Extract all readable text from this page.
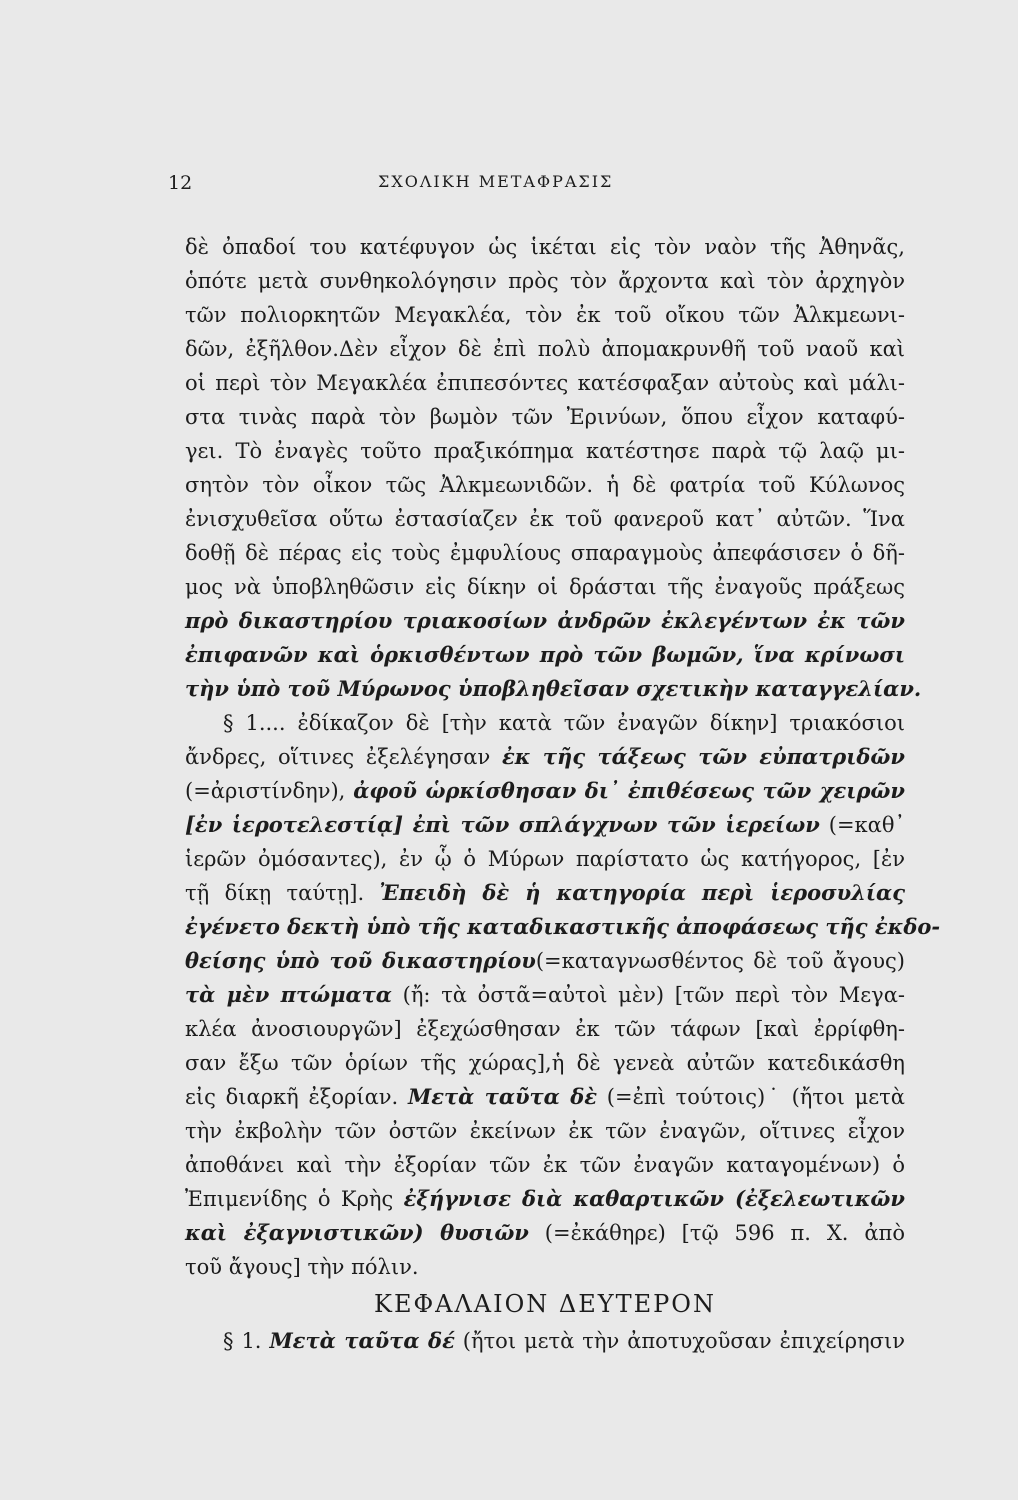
12	ΣΧΟΛΙΚΗ ΜΕΤΑΦΡΑΣΙΣ
δὲ ὀπαδοί του κατέφυγον ὡς ἱκέται εἰς τὸν ναὸν τῆς Ἀθηνᾶς,
ὁπότε μετὰ συνθηκολόγησιν πρὸς τὸν ἄρχοντα καὶ τὸν ἀρχηγὸν
τῶν πολιορκητῶν Μεγακλέα, τὸν ἐκ τοῦ οἴκου τῶν Ἀλκμεωνι-
δῶν, ἐξῆλθον.Δὲν εἶχον δὲ ἐπὶ πολὺ ἀπομακρυνθῆ τοῦ ναοῦ καὶ
οἱ περὶ τὸν Μεγακλέα ἐπιπεσόντες κατέσφαξαν αὐτοὺς καὶ μάλι-
στα τινὰς παρὰ τὸν βωμὸν τῶν Ἐρινύων, ὅπου εἶχον καταφύ-
γει. Τὸ ἐναγὲς τοῦτο πραξικόπημα κατέστησε παρὰ τῷ λαῷ μι-
σητὸν τὸν οἶκον τῶς Ἀλκμεωνιδῶν. ἡ δὲ φατρία τοῦ Κύλωνος
ἐνισχυθεῖσα οὕτω ἐστασίαζεν ἐκ τοῦ φανεροῦ κατ᾽ αὐτῶν. Ἵνα
δοθῇ δὲ πέρας εἰς τοὺς ἐμφυλίους σπαραγμοὺς ἀπεφάσισεν ὁ δῆ-
μος νὰ ὑποβληθῶσιν εἰς δίκην οἱ δράσται τῆς ἐναγοῦς πράξεως
πρὸ δικαστηρίου τριακοσίων ἀνδρῶν ἐκλεγέντων ἐκ τῶν
ἐπιφανῶν καὶ ὁρκισθέντων πρὸ τῶν βωμῶν, ἵνα κρίνωσι
τὴν ὑπὸ τοῦ Μύρωνος ὑποβληθεῖσαν σχετικὴν καταγγελίαν.
§ 1.... ἐδίκαζον δὲ [τὴν κατὰ τῶν ἐναγῶν δίκην] τριακόσιοι
ἄνδρες, οἵτινες ἐξελέγησαν ἐκ τῆς τάξεως τῶν εὐπατριδῶν
(=ἀριστίνδην), ἀφοῦ ὡρκίσθησαν δι᾽ ἐπιθέσεως τῶν χειρῶν
[ἐν ἱεροτελεστίᾳ] ἐπὶ τῶν σπλάγχνων τῶν ἱερείων (=καθ᾽
ἱερῶν ὀμόσαντες), ἐν ᾧ ὁ Μύρων παρίστατο ὡς κατήγορος, [ἐν
τῇ δίκῃ ταύτῃ]. Ἐπειδὴ δὲ ἡ κατηγορία περὶ ἱεροσυλίας
ἐγένετο δεκτὴ ὑπὸ τῆς καταδικαστικῆς ἀποφάσεως τῆς ἐκδο-
θείσης ὑπὸ τοῦ δικαστηρίου(=καταγνωσθέντος δὲ τοῦ ἄγους)
τὰ μὲν πτώματα (ἤ: τὰ ὀστᾶ=αὐτοὶ μὲν) [τῶν περὶ τὸν Μεγα-
κλέα ἀνοσιουργῶν] ἐξεχώσθησαν ἐκ τῶν τάφων [καὶ ἐρρίφθη-
σαν ἔξω τῶν ὁρίων τῆς χώρας],ἡ δὲ γενεὰ αὐτῶν κατεδικάσθη
εἰς διαρκῆ ἐξορίαν. Μετὰ ταῦτα δὲ (=ἐπὶ τούτοις)˙ (ἤτοι μετὰ
τὴν ἐκβολὴν τῶν ὀστῶν ἐκείνων ἐκ τῶν ἐναγῶν, οἵτινες εἶχον
ἀποθάνει καὶ τὴν ἐξορίαν τῶν ἐκ τῶν ἐναγῶν καταγομένων) ὁ
Ἐπιμενίδης ὁ Κρὴς ἐξήγνισε διὰ καθαρτικῶν (ἐξελεωτικῶν
καὶ ἐξαγνιστικῶν) θυσιῶν (=ἐκάθηρε) [τῷ 596 π. Χ. ἀπὸ
τοῦ ἄγους] τὴν πόλιν.
ΚΕΦΑΛΑΙΟΝ ΔΕΥΤΕΡΟΝ
§ 1. Μετὰ ταῦτα δέ (ἤτοι μετὰ τὴν ἀποτυχοῦσαν ἐπιχείρησιν
